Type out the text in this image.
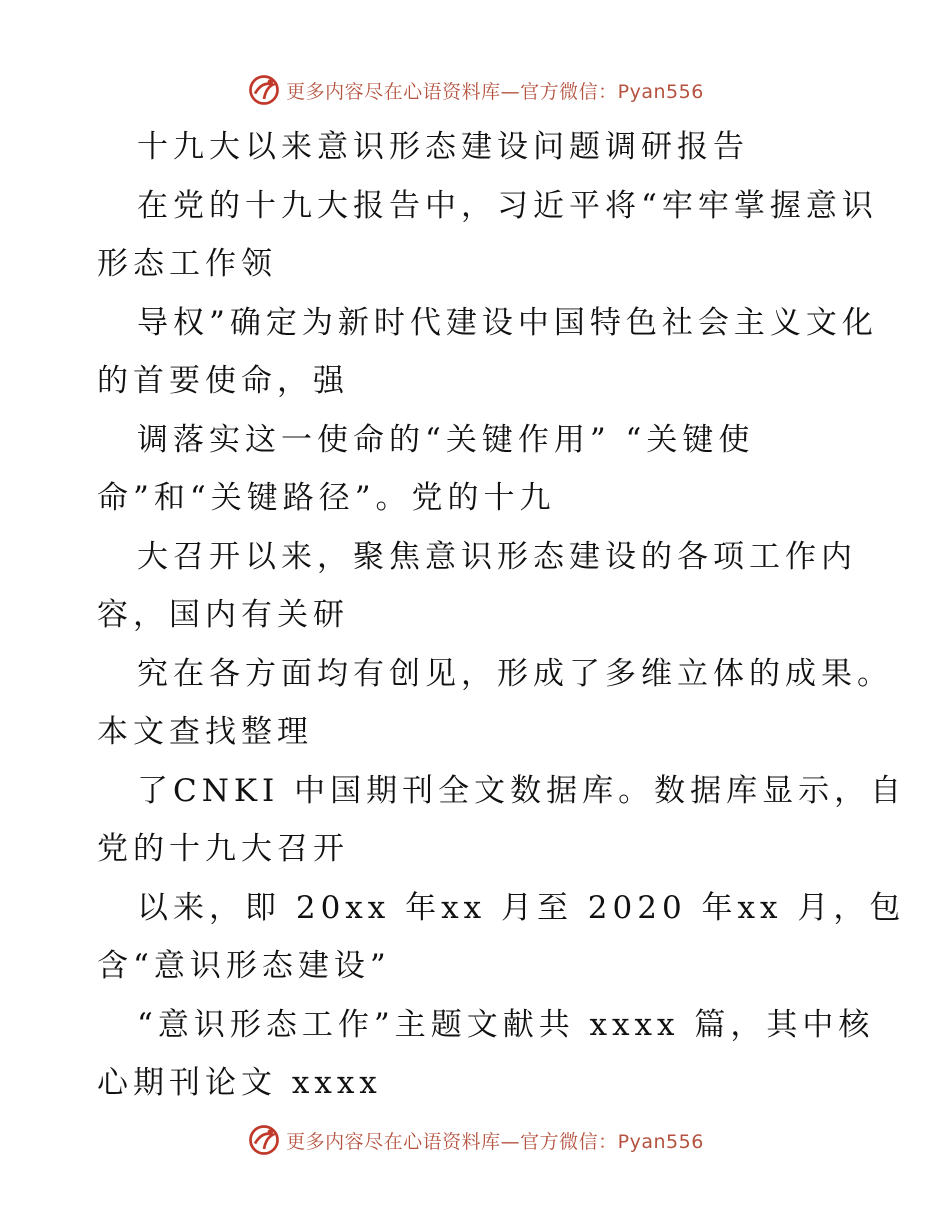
更多内容尽在心语资料库—官方微信：Pyan556
十九大以来意识形态建设问题调研报告
在党的十九大报告中，习近平将“牢牢掌握意识
形态工作领
导权”确定为新时代建设中国特色社会主义文化
的首要使命，强
调落实这一使命的“关键作用” “关键使
命”和“关键路径”。党的十九
大召开以来，聚焦意识形态建设的各项工作内
容，国内有关研
究在各方面均有创见，形成了多维立体的成果。
本文查找整理
了CNKI 中国期刊全文数据库。数据库显示，自
党的十九大召开
以来，即 20xx 年xx 月至 2020 年xx 月，包
含“意识形态建设”
“意识形态工作”主题文献共 xxxx 篇，其中核
心期刊论文 xxxx
更多内容尽在心语资料库—官方微信：Pyan556
